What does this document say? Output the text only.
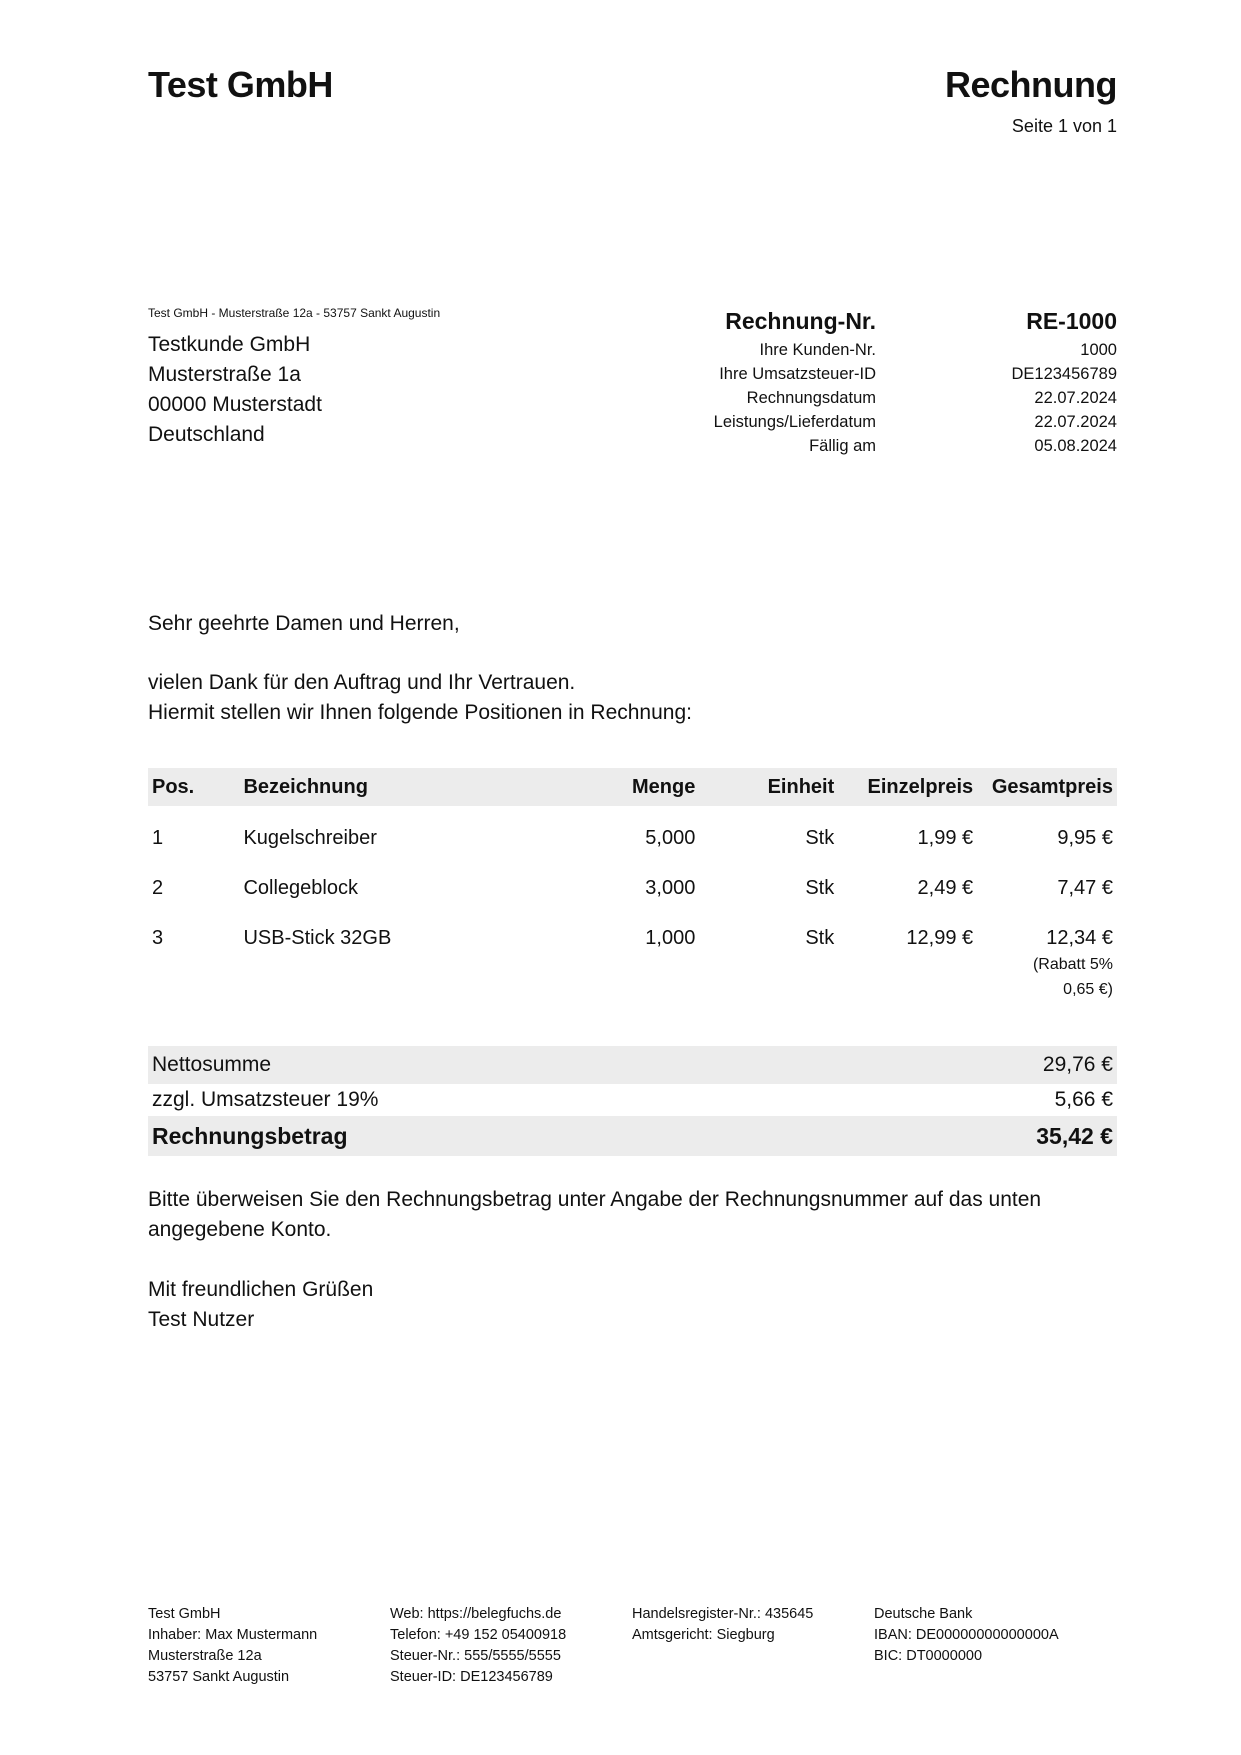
Test GmbH	Rechnung
Seite 1 von 1
Test GmbH - Musterstraße 12a - 53757 Sankt Augustin
Testkunde GmbH
Musterstraße 1a
00000 Musterstadt
Deutschland
Rechnung-Nr.	RE-1000
Ihre Kunden-Nr.	1000
Ihre Umsatzsteuer-ID	DE123456789
Rechnungsdatum	22.07.2024
Leistungs/Lieferdatum	22.07.2024
Fällig am	05.08.2024
Sehr geehrte Damen und Herren,
vielen Dank für den Auftrag und Ihr Vertrauen.
Hiermit stellen wir Ihnen folgende Positionen in Rechnung:
Pos.	Bezeichnung	Menge	Einheit	Einzelpreis Gesamtpreis
1	Kugelschreiber	5,000	Stk	1,99 €	9,95 €
2	Collegeblock	3,000	Stk	2,49 €	7,47 €
3	USB-Stick 32GB	1,000	Stk	12,99 €	12,34 €
(Rabatt 5%
0,65 €)
Nettosumme	29,76 €
zzgl. Umsatzsteuer 19%	5,66 €
Rechnungsbetrag	35,42 €
Bitte überweisen Sie den Rechnungsbetrag unter Angabe der Rechnungsnummer auf das unten angegebene Konto.
Mit freundlichen Grüßen
Test Nutzer
Test GmbH
Inhaber: Max Mustermann
Musterstraße 12a
53757 Sankt Augustin
Web: https://belegfuchs.de
Telefon: +49 152 05400918
Steuer-Nr.: 555/5555/5555
Steuer-ID: DE123456789
Handelsregister-Nr.: 435645
Amtsgericht: Siegburg
Deutsche Bank
IBAN: DE00000000000000A
BIC: DT0000000
